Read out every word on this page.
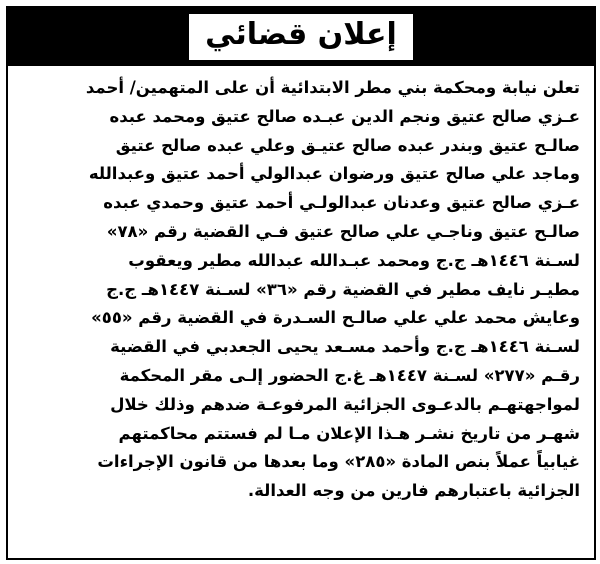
إعلان قضائي
تعلن نيابة ومحكمة بني مطر الابتدائية أن على المتهمين/ أحمد
عـزي صالح عتيق ونجم الدين عبـده صالح عتيق ومحمد عبده
صالـح عتيق وبندر عبده صالح عتيـق وعلي عبده صالح عتيق
وماجد علي صالح عتيق ورضوان عبدالولي أحمد عتيق وعبدالله
عـزي صالح عتيق وعدنان عبدالولـي أحمد عتيق وحمدي عبده
صالـح عتيق وناجـي علي صالح عتيق فـي القضية رقم «٧٨»
لسـنة ١٤٤٦هـ ج.ج ومحمد عبـدالله عبدالله مطير ويعقوب
مطيـر نايف مطير في القضية رقم «٣٦» لسـنة ١٤٤٧هـ ج.ج
وعايش محمد علي علي صالـح السـدرة في القضية رقم «٥٥»
لسـنة ١٤٤٦هـ ج.ج وأحمد مسـعد يحيى الجعدبي في القضية
رقـم «٢٧٧» لسـنة ١٤٤٧هـ غ.ج الحضور إلـى مقر المحكمة
لمواجهتهـم بالدعـوى الجزائية المرفوعـة ضدهم وذلك خلال
شهـر من تاريخ نشـر هـذا الإعلان مـا لم فستتم محاكمتهم
غيابياً عملاً بنص المادة «٢٨٥» وما بعدها من قانون الإجراءات
الجزائية باعتبارهم فارين من وجه العدالة.
